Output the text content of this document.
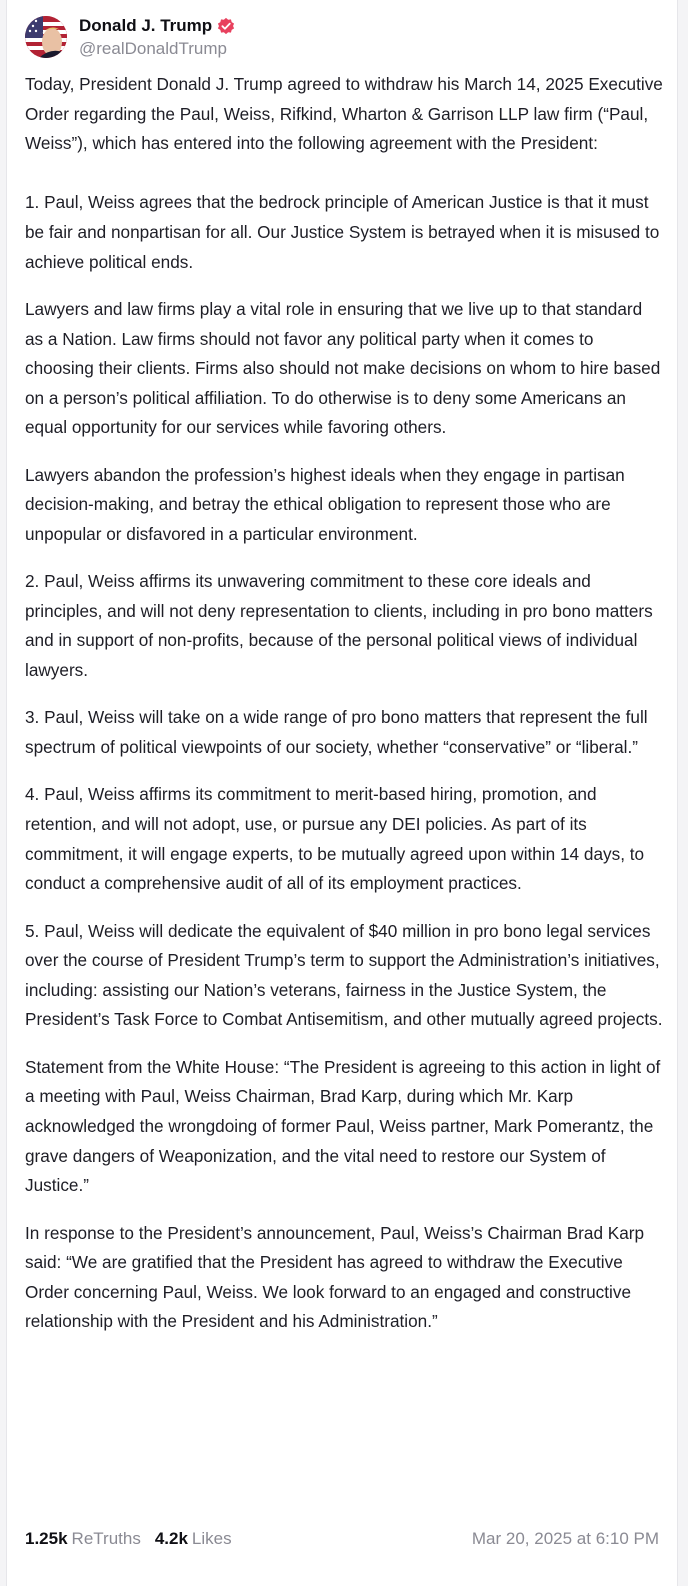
Donald J. Trump
@realDonaldTrump

Today, President Donald J. Trump agreed to withdraw his March 14, 2025 Executive Order regarding the Paul, Weiss, Rifkind, Wharton & Garrison LLP law firm (“Paul, Weiss”), which has entered into the following agreement with the President:

1. Paul, Weiss agrees that the bedrock principle of American Justice is that it must be fair and nonpartisan for all. Our Justice System is betrayed when it is misused to achieve political ends.

Lawyers and law firms play a vital role in ensuring that we live up to that standard as a Nation. Law firms should not favor any political party when it comes to choosing their clients. Firms also should not make decisions on whom to hire based on a person’s political affiliation. To do otherwise is to deny some Americans an equal opportunity for our services while favoring others.

Lawyers abandon the profession’s highest ideals when they engage in partisan decision-making, and betray the ethical obligation to represent those who are unpopular or disfavored in a particular environment.

2. Paul, Weiss affirms its unwavering commitment to these core ideals and principles, and will not deny representation to clients, including in pro bono matters and in support of non-profits, because of the personal political views of individual lawyers.

3. Paul, Weiss will take on a wide range of pro bono matters that represent the full spectrum of political viewpoints of our society, whether “conservative” or “liberal.”

4. Paul, Weiss affirms its commitment to merit-based hiring, promotion, and retention, and will not adopt, use, or pursue any DEI policies. As part of its commitment, it will engage experts, to be mutually agreed upon within 14 days, to conduct a comprehensive audit of all of its employment practices.

5. Paul, Weiss will dedicate the equivalent of $40 million in pro bono legal services over the course of President Trump’s term to support the Administration’s initiatives, including: assisting our Nation’s veterans, fairness in the Justice System, the President’s Task Force to Combat Antisemitism, and other mutually agreed projects.

Statement from the White House: “The President is agreeing to this action in light of a meeting with Paul, Weiss Chairman, Brad Karp, during which Mr. Karp acknowledged the wrongdoing of former Paul, Weiss partner, Mark Pomerantz, the grave dangers of Weaponization, and the vital need to restore our System of Justice.”

In response to the President’s announcement, Paul, Weiss’s Chairman Brad Karp said: “We are gratified that the President has agreed to withdraw the Executive Order concerning Paul, Weiss. We look forward to an engaged and constructive relationship with the President and his Administration.”

1.25k ReTruths 4.2k Likes	Mar 20, 2025 at 6:10 PM
